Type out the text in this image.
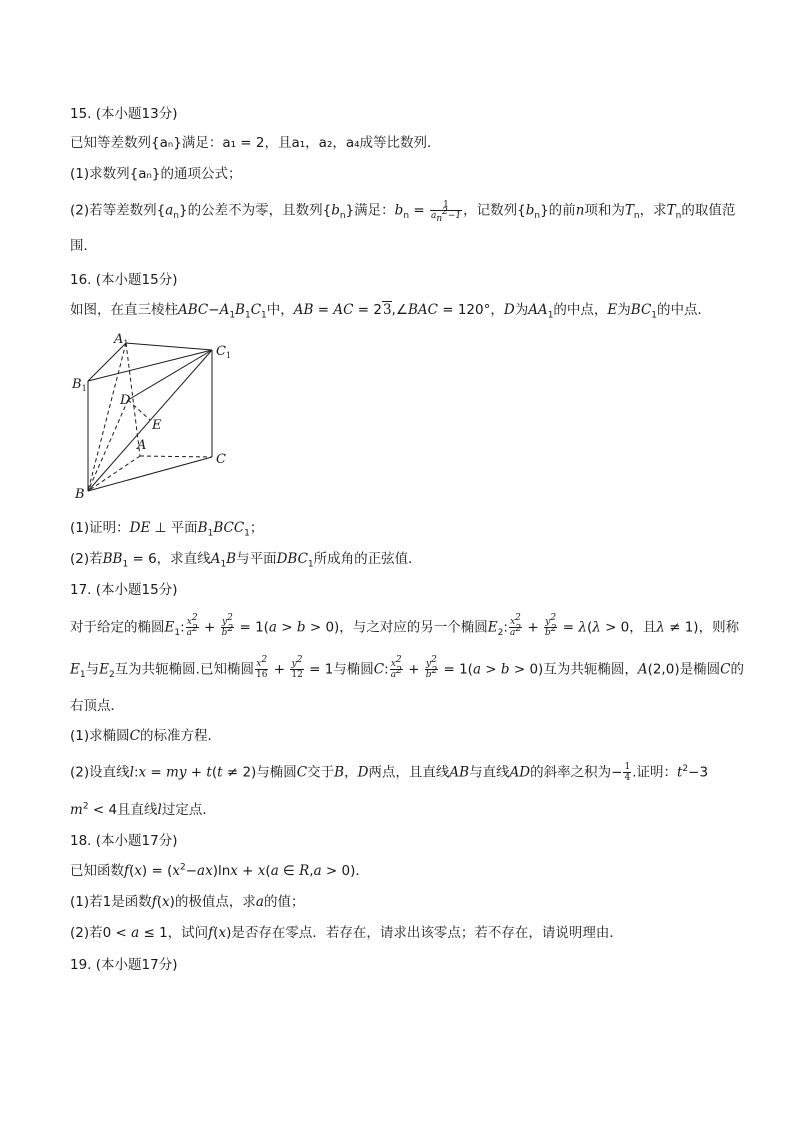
15. (本小题13分)
已知等差数列{aₙ}满足：a₁ = 2，且a₁，a₂，a₄成等比数列．
(1)求数列{aₙ}的通项公式；
(2)若等差数列$\{a_n\}$的公差不为零，且数列$\{b_n\}$满足：$b_n = \frac{1}{a_n^2-1}$ ，记数列$\{b_n\}$的前n项和为$T_n$，求$T_n$的取值范
围．
16. (本小题15分)
如图，在直三棱柱$ABC-A_1B_1C_1$中，AB = AC = 23,∠BAC = 120°，D为$AA_1$的中点，E为$BC_1$的中点．
$A_1$
$C_1$
$B_1$
D
E
A
C
B
(1)证明：DE ⊥ 平面$B_1BCC_1$；
(2)若$BB_1 = 6$，求直线$A_1B$与平面$DBC_1$所成角的正弦值．
17. (本小题15分)
对于给定的椭圆$E_1$: $\frac{x^2}{a^2} + \frac{y^2}{b^2} = 1(a > b > 0)$，与之对应的另一个椭圆$E_2$: $\frac{x^2}{a^2} + \frac{y^2}{b^2} = \lambda(\lambda > 0$，且λ ≠ 1)，则称
$E_1$与$E_2$互为共轭椭圆.已知椭圆 $\frac{x^2}{16} + \frac{y^2}{12} = 1$与椭圆C: $\frac{x^2}{a^2} + \frac{y^2}{b^2} = 1(a > b > 0)$互为共轭椭圆，A(2,0)是椭圆C的
右顶点．
(1)求椭圆C的标准方程．
(2)设直线l:x = my + t(t ≠ 2)与椭圆C交于B，D两点，且直线AB与直线AD的斜率之积为− $\frac{1}{4}$ .证明：$t^2-3$
$m^2 < 4$且直线l过定点．
18. (本小题17分)
已知函数$f(x) = (x^2-ax)\ln x + x(a$ ∈ R,a > 0)．
(1)若1是函数f(x)的极值点，求a的值；
(2)若0 < a ≤ 1，试问f(x)是否存在零点．若存在，请求出该零点；若不存在，请说明理由．
19. (本小题17分)
